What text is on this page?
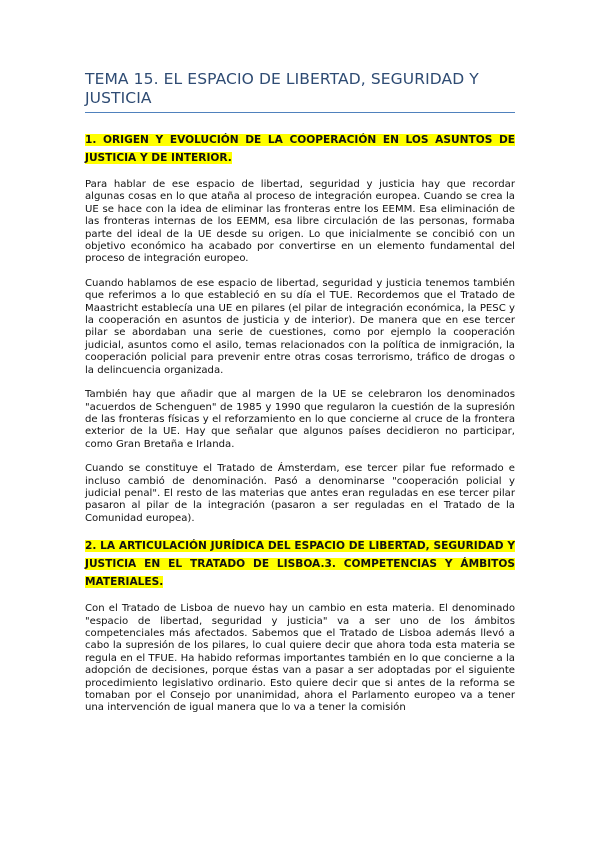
TEMA 15. EL ESPACIO DE LIBERTAD, SEGURIDAD Y JUSTICIA
1. ORIGEN Y EVOLUCIÓN DE LA COOPERACIÓN EN LOS ASUNTOS DE JUSTICIA Y DE INTERIOR.

Para hablar de ese espacio de libertad, seguridad y justicia hay que recordar algunas cosas en lo que ataña al proceso de integración europea. Cuando se crea la UE se hace con la idea de eliminar las fronteras entre los EEMM. Esa eliminación de las fronteras internas de los EEMM, esa libre circulación de las personas, formaba parte del ideal de la UE desde su origen. Lo que inicialmente se concibió con un objetivo económico ha acabado por convertirse en un elemento fundamental del proceso de integración europeo.

Cuando hablamos de ese espacio de libertad, seguridad y justicia tenemos también que referimos a lo que estableció en su día el TUE. Recordemos que el Tratado de Maastricht establecía una UE en pilares (el pilar de integración económica, la PESC y la cooperación en asuntos de justicia y de interior). De manera que en ese tercer pilar se abordaban una serie de cuestiones, como por ejemplo la cooperación judicial, asuntos como el asilo, temas relacionados con la política de inmigración, la cooperación policial para prevenir entre otras cosas terrorismo, tráfico de drogas o la delincuencia organizada.

También hay que añadir que al margen de la UE se celebraron los denominados "acuerdos de Schenguen" de 1985 y 1990 que regularon la cuestión de la supresión de las fronteras físicas y el reforzamiento en lo que concierne al cruce de la frontera exterior de la UE. Hay que señalar que algunos países decidieron no participar, como Gran Bretaña e Irlanda.

Cuando se constituye el Tratado de Ámsterdam, ese tercer pilar fue reformado e incluso cambió de denominación. Pasó a denominarse "cooperación policial y judicial penal". El resto de las materias que antes eran reguladas en ese tercer pilar pasaron al pilar de la integración (pasaron a ser reguladas en el Tratado de la Comunidad europea).

2. LA ARTICULACIÓN JURÍDICA DEL ESPACIO DE LIBERTAD, SEGURIDAD Y JUSTICIA EN EL TRATADO DE LISBOA.3. COMPETENCIAS Y ÁMBITOS MATERIALES.

Con el Tratado de Lisboa de nuevo hay un cambio en esta materia. El denominado "espacio de libertad, seguridad y justicia" va a ser uno de los ámbitos competenciales más afectados. Sabemos que el Tratado de Lisboa además llevó a cabo la supresión de los pilares, lo cual quiere decir que ahora toda esta materia se regula en el TFUE. Ha habido reformas importantes también en lo que concierne a la adopción de decisiones, porque éstas van a pasar a ser adoptadas por el siguiente procedimiento legislativo ordinario. Esto quiere decir que si antes de la reforma se tomaban por el Consejo por unanimidad, ahora el Parlamento europeo va a tener una intervención de igual manera que lo va a tener la comisión
